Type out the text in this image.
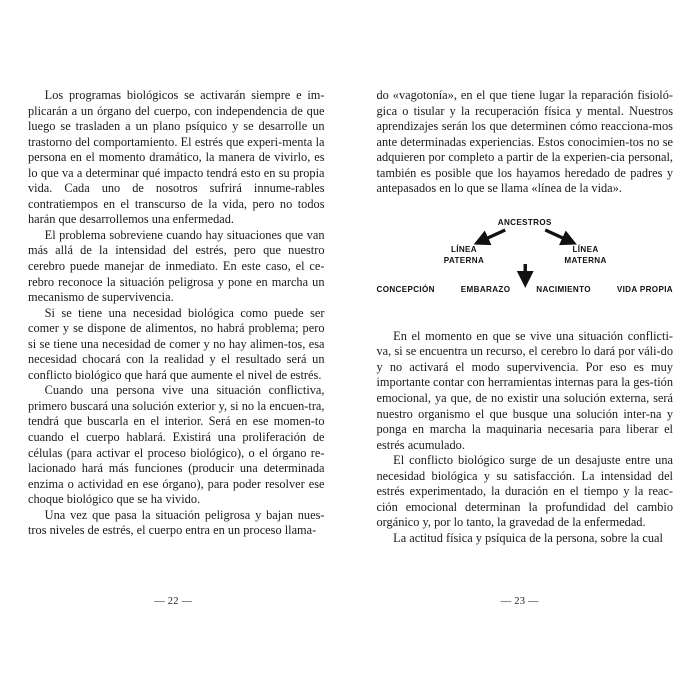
Los programas biológicos se activarán siempre e im-plicarán a un órgano del cuerpo, con independencia de que luego se trasladen a un plano psíquico y se desarrolle un trastorno del comportamiento. El estrés que experi-menta la persona en el momento dramático, la manera de vivirlo, es lo que va a determinar qué impacto tendrá esto en su propia vida. Cada uno de nosotros sufrirá innume-rables contratiempos en el transcurso de la vida, pero no todos harán que desarrollemos una enfermedad.

El problema sobreviene cuando hay situaciones que van más allá de la intensidad del estrés, pero que nuestro cerebro puede manejar de inmediato. En este caso, el ce-rebro reconoce la situación peligrosa y pone en marcha un mecanismo de supervivencia.

Si se tiene una necesidad biológica como puede ser comer y se dispone de alimentos, no habrá problema; pero si se tiene una necesidad de comer y no hay alimen-tos, esa necesidad chocará con la realidad y el resultado será un conflicto biológico que hará que aumente el nivel de estrés.

Cuando una persona vive una situación conflictiva, primero buscará una solución exterior y, si no la encuen-tra, tendrá que buscarla en el interior. Será en ese momen-to cuando el cuerpo hablará. Existirá una proliferación de células (para activar el proceso biológico), o el órgano re-lacionado hará más funciones (producir una determinada enzima o actividad en ese órgano), para poder resolver ese choque biológico que se ha vivido.

Una vez que pasa la situación peligrosa y bajan nues-tros niveles de estrés, el cuerpo entra en un proceso llama-

— 22 —

do «vagotonía», en el que tiene lugar la reparación fisioló-gica o tisular y la recuperación física y mental. Nuestros aprendizajes serán los que determinen cómo reacciona-mos ante determinadas experiencias. Estos conocimien-tos no se adquieren por completo a partir de la experien-cia personal, también es posible que los hayamos heredado de padres y antepasados en lo que se llama «línea de la vida».

ANCESTROS
LÍNEA
PATERNA
LÍNEA
MATERNA
CONCEPCIÓN	EMBARAZO	NACIMIENTO	VIDA PROPIA

En el momento en que se vive una situación conflicti-va, si se encuentra un recurso, el cerebro lo dará por váli-do y no activará el modo supervivencia. Por eso es muy importante contar con herramientas internas para la ges-tión emocional, ya que, de no existir una solución externa, será nuestro organismo el que busque una solución inter-na y ponga en marcha la maquinaria necesaria para liberar el estrés acumulado.

El conflicto biológico surge de un desajuste entre una necesidad biológica y su satisfacción. La intensidad del estrés experimentado, la duración en el tiempo y la reac-ción emocional determinan la profundidad del cambio orgánico y, por lo tanto, la gravedad de la enfermedad.

La actitud física y psíquica de la persona, sobre la cual

— 23 —
